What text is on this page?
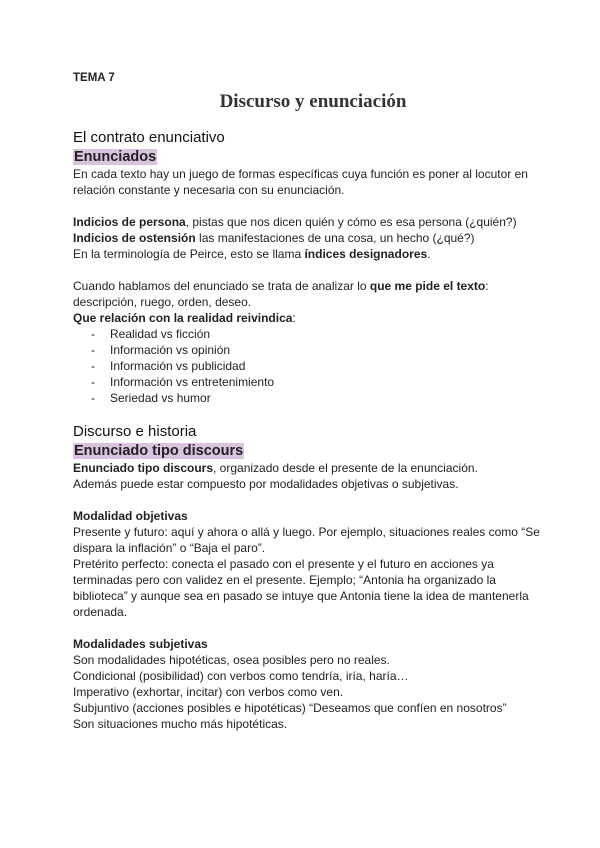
TEMA 7

Discurso y enunciación
El contrato enunciativo
Enunciados

En cada texto hay un juego de formas específicas cuya función es poner al locutor en relación constante y necesaria con su enunciación.

Indicios de persona, pistas que nos dicen quién y cómo es esa persona (¿quién?)

Indicios de ostensión las manifestaciones de una cosa, un hecho (¿qué?)

En la terminología de Peirce, esto se llama índices designadores.

Cuando hablamos del enunciado se trata de analizar lo que me pide el texto: descripción, ruego, orden, deseo.

Que relación con la realidad reivindica:

- Realidad vs ficción
- Información vs opinión
- Información vs publicidad
- Información vs entretenimiento
- Seriedad vs humor
Discurso e historia
Enunciado tipo discours

Enunciado tipo discours, organizado desde el presente de la enunciación.

Además puede estar compuesto por modalidades objetivas o subjetivas.

Modalidad objetivas

Presente y futuro: aquí y ahora o allá y luego. Por ejemplo, situaciones reales como “Se dispara la inflación” o “Baja el paro”.

Pretérito perfecto: conecta el pasado con el presente y el futuro en acciones ya terminadas pero con validez en el presente. Ejemplo; “Antonia ha organizado la biblioteca” y aunque sea en pasado se intuye que Antonia tiene la idea de mantenerla ordenada.

Modalidades subjetivas

Son modalidades hipotéticas, osea posibles pero no reales.

Condicional (posibilidad) con verbos como tendría, iría, haría…

Imperativo (exhortar, incitar) con verbos como ven.

Subjuntivo (acciones posibles e hipotéticas) “Deseamos que confíen en nosotros”

Son situaciones mucho más hipotéticas.
